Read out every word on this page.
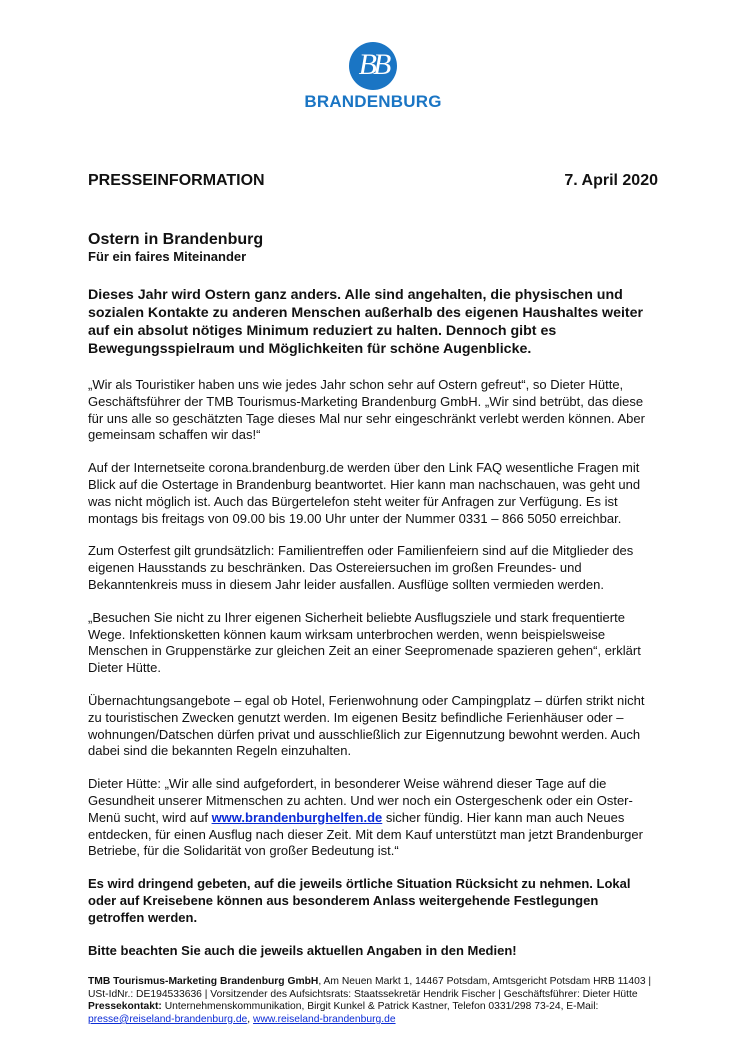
BB
BRANDENBURG
PRESSEINFORMATION	7. April 2020
Ostern in Brandenburg
Für ein faires Miteinander

Dieses Jahr wird Ostern ganz anders. Alle sind angehalten, die physischen und sozialen Kontakte zu anderen Menschen außerhalb des eigenen Haushaltes weiter auf ein absolut nötiges Minimum reduziert zu halten. Dennoch gibt es Bewegungsspielraum und Möglichkeiten für schöne Augenblicke.

„Wir als Touristiker haben uns wie jedes Jahr schon sehr auf Ostern gefreut“, so Dieter Hütte, Geschäftsführer der TMB Tourismus-Marketing Brandenburg GmbH. „Wir sind betrübt, das diese für uns alle so geschätzten Tage dieses Mal nur sehr eingeschränkt verlebt werden können. Aber gemeinsam schaffen wir das!“

Auf der Internetseite corona.brandenburg.de werden über den Link FAQ wesentliche Fragen mit Blick auf die Ostertage in Brandenburg beantwortet. Hier kann man nachschauen, was geht und was nicht möglich ist. Auch das Bürgertelefon steht weiter für Anfragen zur Verfügung. Es ist montags bis freitags von 09.00 bis 19.00 Uhr unter der Nummer 0331 – 866 5050 erreichbar.

Zum Osterfest gilt grundsätzlich: Familientreffen oder Familienfeiern sind auf die Mitglieder des eigenen Hausstands zu beschränken. Das Ostereiersuchen im großen Freundes- und Bekanntenkreis muss in diesem Jahr leider ausfallen. Ausflüge sollten vermieden werden.

„Besuchen Sie nicht zu Ihrer eigenen Sicherheit beliebte Ausflugsziele und stark frequentierte Wege. Infektionsketten können kaum wirksam unterbrochen werden, wenn beispielsweise Menschen in Gruppenstärke zur gleichen Zeit an einer Seepromenade spazieren gehen“, erklärt Dieter Hütte.

Übernachtungsangebote – egal ob Hotel, Ferienwohnung oder Campingplatz – dürfen strikt nicht zu touristischen Zwecken genutzt werden. Im eigenen Besitz befindliche Ferienhäuser oder –wohnungen/Datschen dürfen privat und ausschließlich zur Eigennutzung bewohnt werden. Auch dabei sind die bekannten Regeln einzuhalten.

Dieter Hütte: „Wir alle sind aufgefordert, in besonderer Weise während dieser Tage auf die Gesundheit unserer Mitmenschen zu achten. Und wer noch ein Ostergeschenk oder ein Oster- Menü sucht, wird auf www.brandenburghelfen.de sicher fündig. Hier kann man auch Neues entdecken, für einen Ausflug nach dieser Zeit. Mit dem Kauf unterstützt man jetzt Brandenburger Betriebe, für die Solidarität von großer Bedeutung ist.“

Es wird dringend gebeten, auf die jeweils örtliche Situation Rücksicht zu nehmen. Lokal oder auf Kreisebene können aus besonderem Anlass weitergehende Festlegungen getroffen werden.

Bitte beachten Sie auch die jeweils aktuellen Angaben in den Medien!

TMB Tourismus-Marketing Brandenburg GmbH, Am Neuen Markt 1, 14467 Potsdam, Amtsgericht Potsdam HRB 11403 | USt-IdNr.: DE194533636 | Vorsitzender des Aufsichtsrats: Staatssekretär Hendrik Fischer | Geschäftsführer: Dieter Hütte Pressekontakt: Unternehmenskommunikation, Birgit Kunkel & Patrick Kastner, Telefon 0331/298 73-24, E-Mail: presse@reiseland-brandenburg.de, www.reiseland-brandenburg.de
